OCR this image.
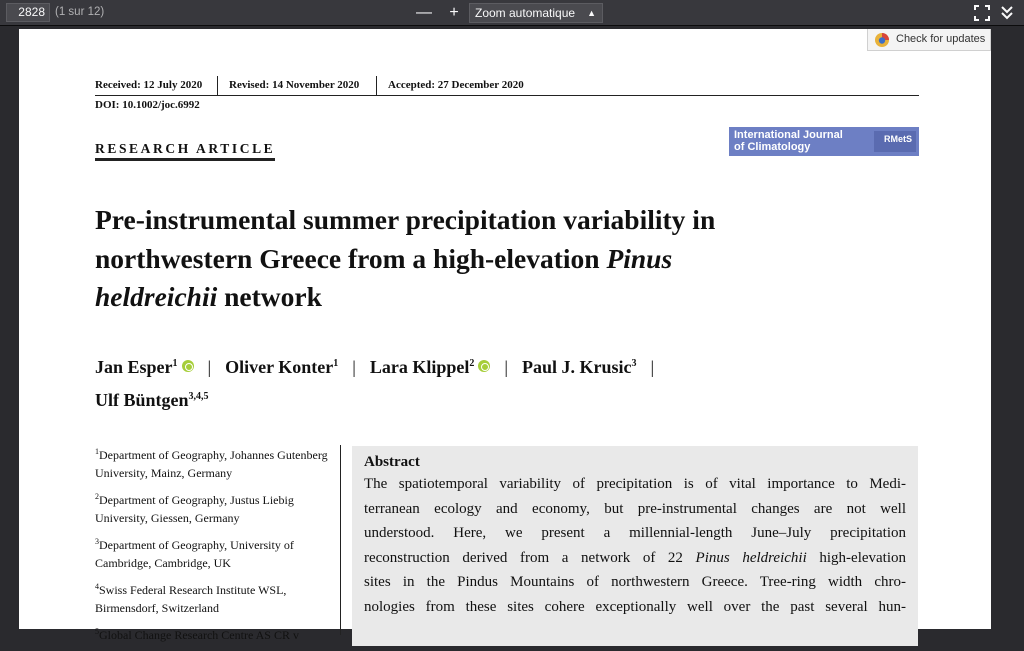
2828 (1 sur 12)	—	+	Zoom automatique ▲

Check for updates
Received: 12 July 2020 Revised: 14 November 2020	Accepted: 27 December 2020
DOI: 10.1002/joc.6992
RESEARCH ARTICLE
International Journal
of Climatology
RMetS
Pre-instrumental summer precipitation variability in
northwestern Greece from a high-elevation Pinus
heldreichii network
Jan Esper$^1$ | Oliver Konter$^1$ | Lara Klippel$^2$ | Paul J. Krusic$^3$ |
Ulf Büntgen$^{3,4,5}$
$^1$Department of Geography, Johannes Gutenberg University, Mainz, Germany
$^2$Department of Geography, Justus Liebig University, Giessen, Germany
$^3$Department of Geography, University of Cambridge, Cambridge, UK
$^4$Swiss Federal Research Institute WSL, Birmensdorf, Switzerland
$^5$Global Change Research Centre AS CR v
Abstract
The spatiotemporal variability of precipitation is of vital importance to Medi-
terranean ecology and economy, but pre-instrumental changes are not well
understood. Here, we present a millennial-length June–July precipitation
reconstruction derived from a network of 22 Pinus heldreichii high-elevation
sites in the Pindus Mountains of northwestern Greece. Tree-ring width chro-
nologies from these sites cohere exceptionally well over the past several hun-
